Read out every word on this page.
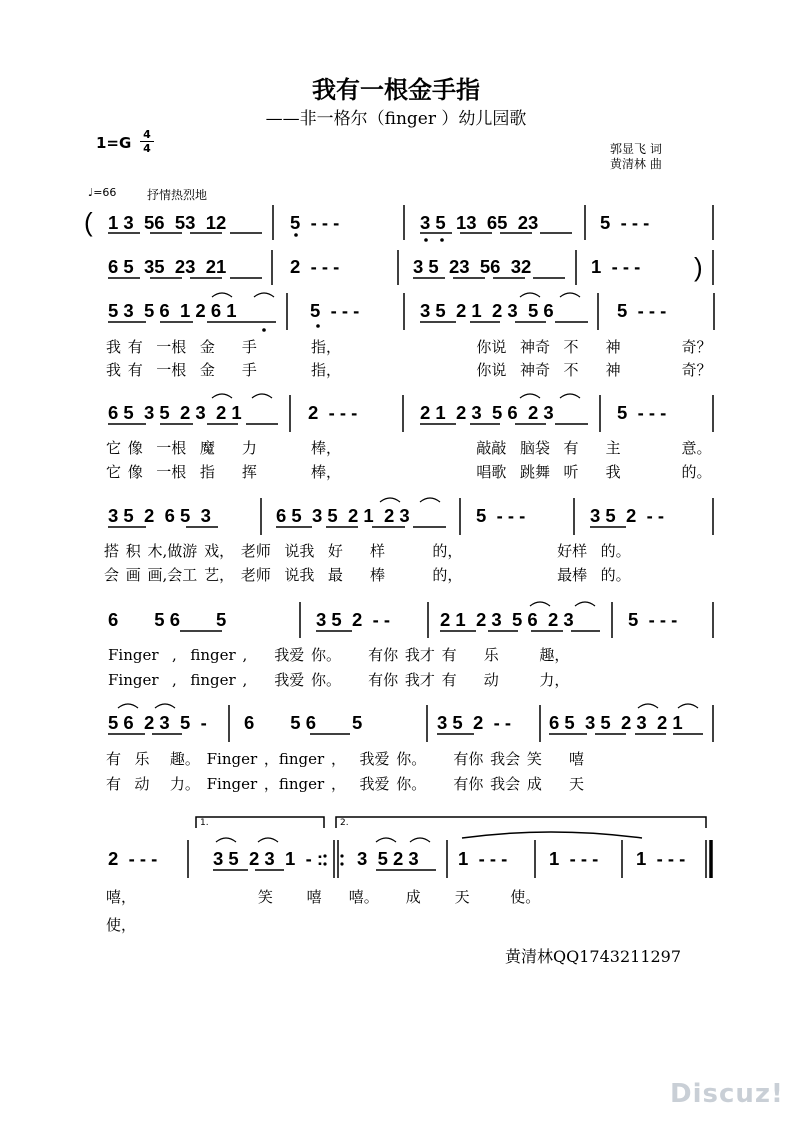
我有一根金手指
——非一格尔（finger ）幼儿园歌
1=G 4
4	郭显飞 词
黄清林 曲
♩=66	抒情热烈地
( 1 3  56  53  12	5  - - -	3 5  13  65  23	5  - - -
6 5  35  23  21	2  - - -	3 5  23  56  32	1  - - - )
5 3  5 6  1 2 6 1	5  - - -	3 5  2 1  2 3  5 6	5  - - -
我 有  一根  金    手        指，                    你说  神奇  不    神         奇？
我 有  一根  金    手        指，                    你说  神奇  不    神         奇？
6 5  3 5  2 3  2 1	2  - - -	2 1  2 3  5 6  2 3	5  - - -
它 像  一根  魔    力        棒，                    敲敲  脑袋  有    主         意。
它 像  一根  指    挥        棒，                    唱歌  跳舞  听    我         的。
3 5  2  6 5  3	6 5  3 5  2 1  2 3	5  - - -	3 5  2  - -
搭 积 木,做游 戏， 老师  说我  好    样       的，              好样  的。
会 画 画,会工 艺， 老师  说我  最    棒       的，              最棒  的。
6       5 6       5	3 5  2  - -	2 1  2 3  5 6  2 3	5  - - -
Finger  ,  finger ,    我爱 你。    有你 我才 有    乐      趣，
Finger  ,  finger ,    我爱 你。    有你 我才 有    动      力，
5 6  2 3  5  - 6       5 6       5	3 5  2  - - 6 5  3 5  2 3  2 1
有  乐   趣。 Finger ，finger ，  我爱 你。    有你 我会 笑    嘻
有  动   力。 Finger ，finger ，  我爱 你。    有你 我会 成    天
1.	2.
2  - - -	3 5  2 3  1  - : 3  5 2 3 1  - - - 1  - - - 1  - - -
嘻，                  笑     嘻    嘻。    成     天      使。
使，
黄清林QQ1743211297
Discuz!
